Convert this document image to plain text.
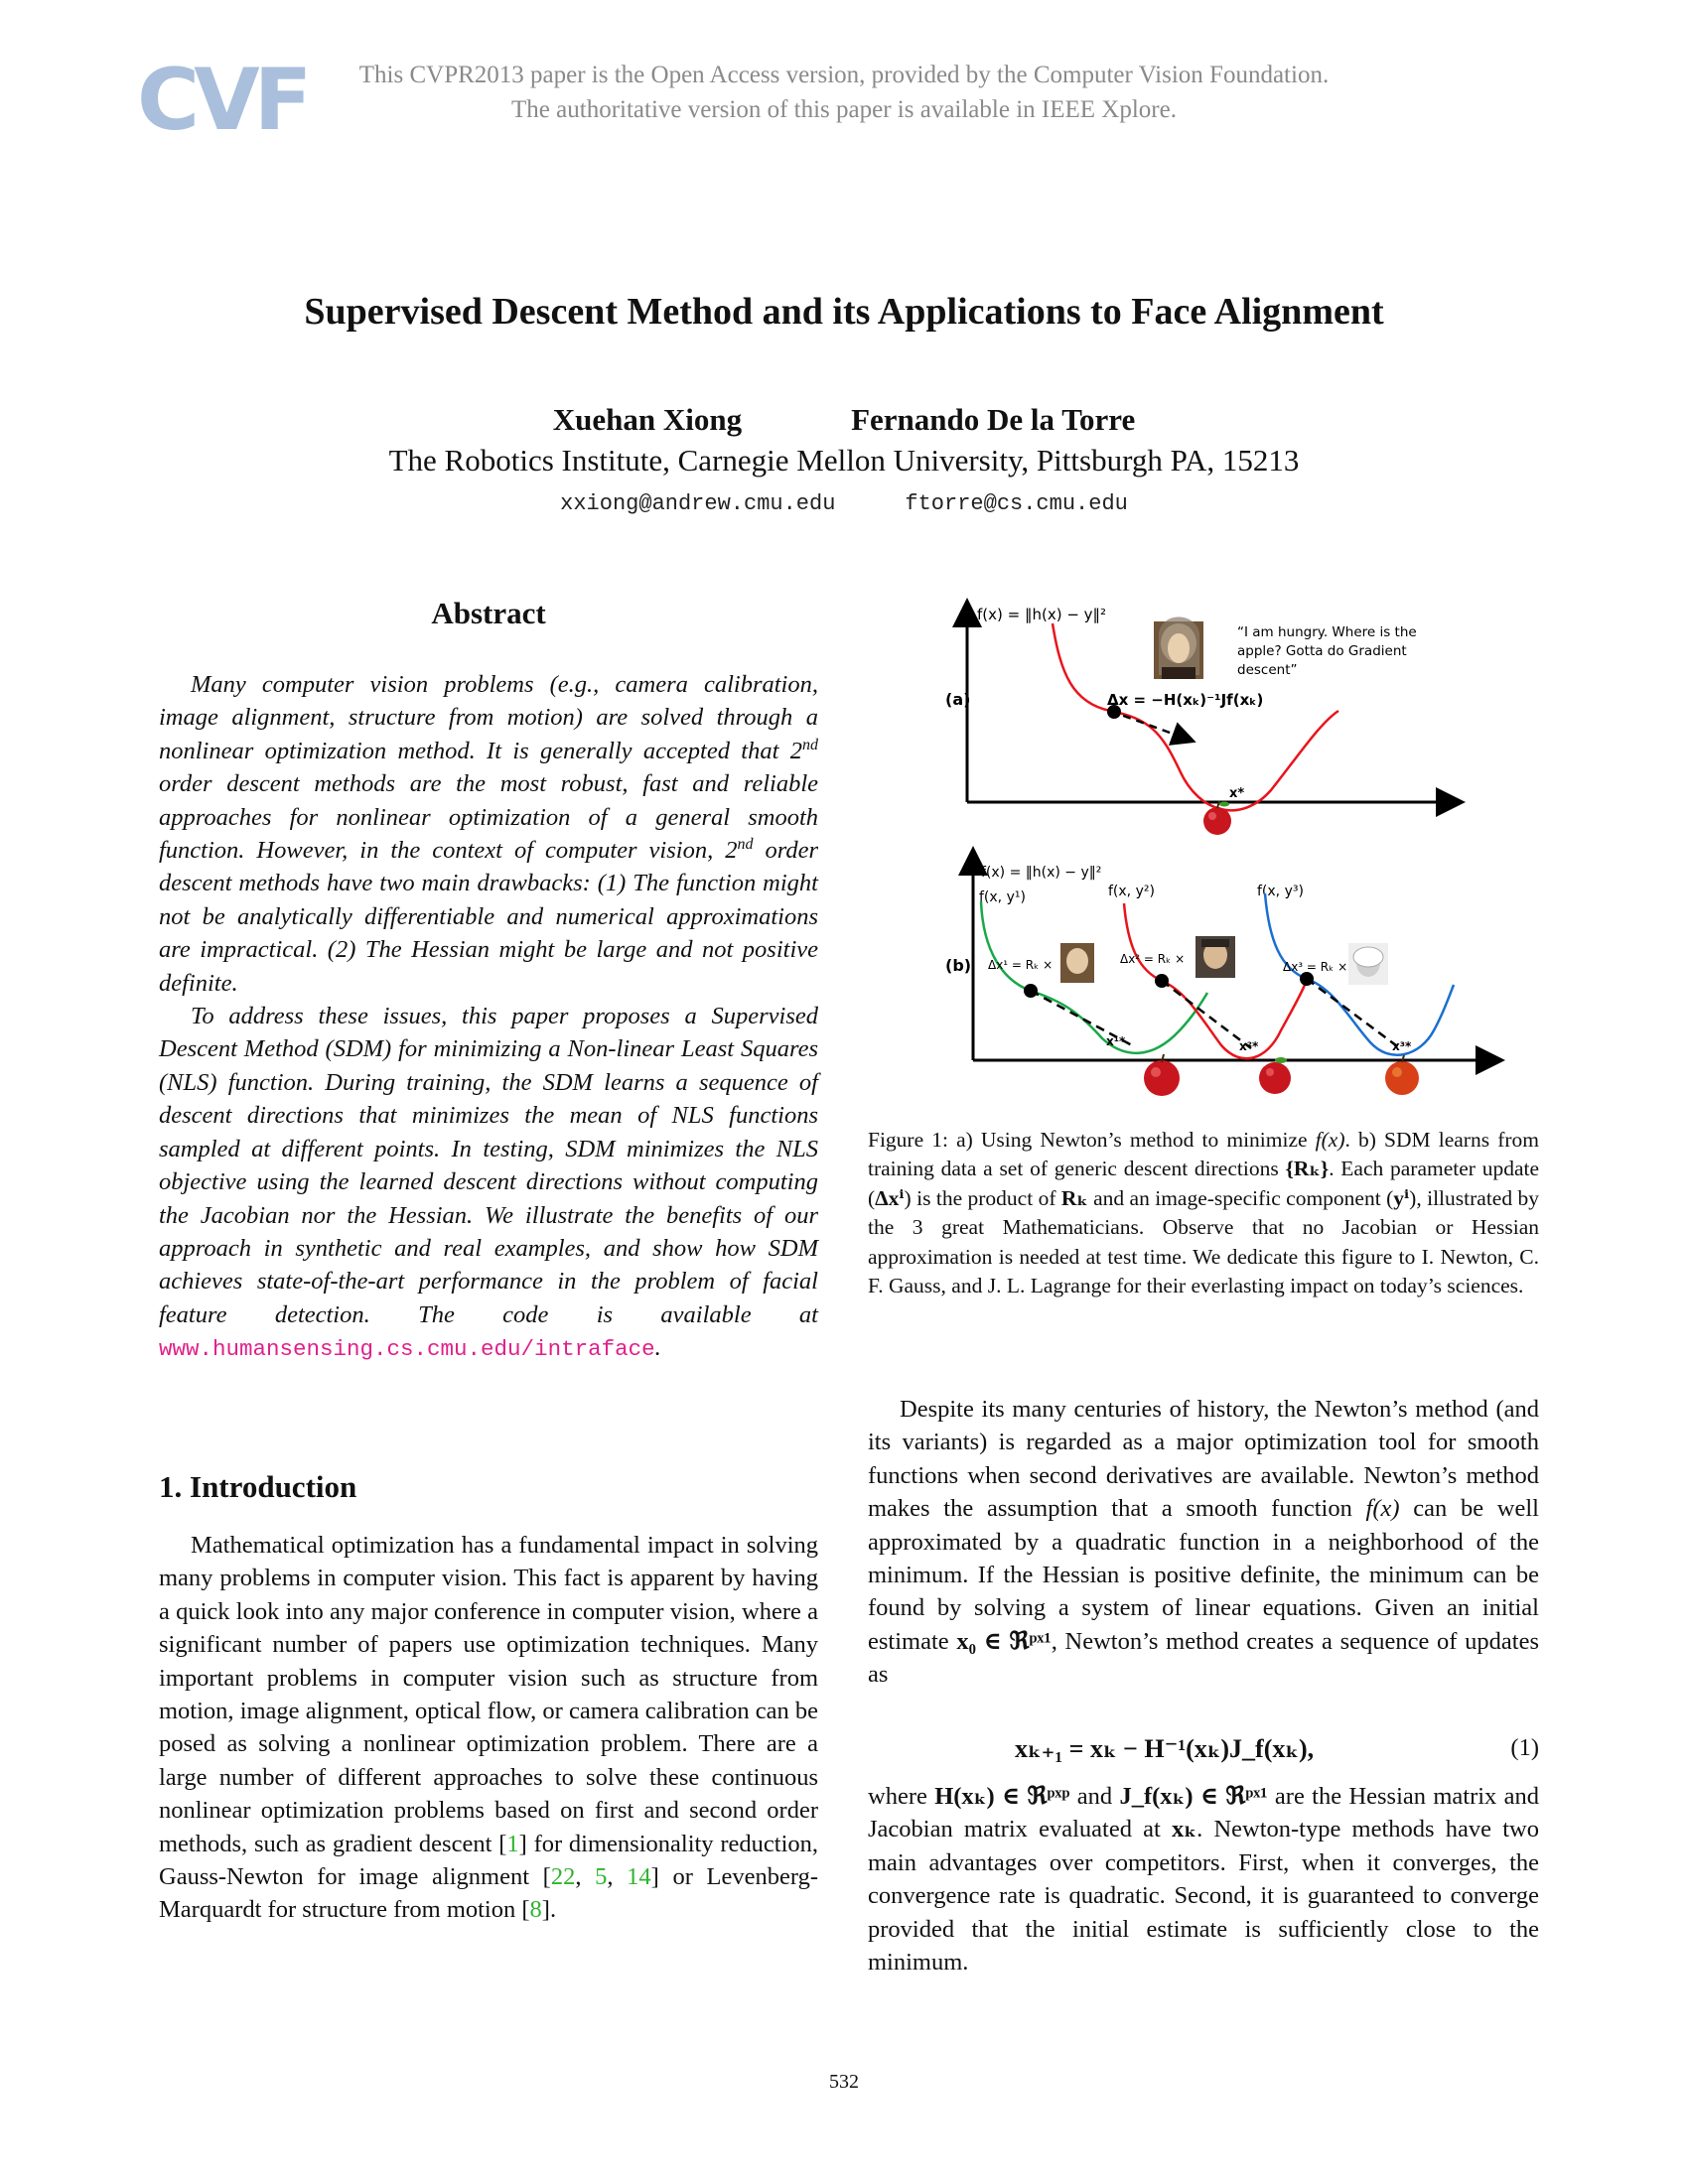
CVF	This CVPR2013 paper is the Open Access version, provided by the Computer Vision Foundation.
The authoritative version of this paper is available in IEEE Xplore.
Supervised Descent Method and its Applications to Face Alignment
Xuehan Xiong	Fernando De la Torre
The Robotics Institute, Carnegie Mellon University, Pittsburgh PA, 15213
xxiong@andrew.cmu.edu	ftorre@cs.cmu.edu
Abstract

Many computer vision problems (e.g., camera calibration, image alignment, structure from motion) are solved through a nonlinear optimization method. It is generally accepted that 2nd order descent methods are the most robust, fast and reliable approaches for nonlinear optimization of a general smooth function. However, in the context of computer vision, 2nd order descent methods have two main drawbacks: (1) The function might not be analytically differentiable and numerical approximations are impractical. (2) The Hessian might be large and not positive definite.

To address these issues, this paper proposes a Supervised Descent Method (SDM) for minimizing a Non-linear Least Squares (NLS) function. During training, the SDM learns a sequence of descent directions that minimizes the mean of NLS functions sampled at different points. In testing, SDM minimizes the NLS objective using the learned descent directions without computing the Jacobian nor the Hessian. We illustrate the benefits of our approach in synthetic and real examples, and show how SDM achieves state-of-the-art performance in the problem of facial feature detection. The code is available at www.humansensing.cs.cmu.edu/intraface.

1. Introduction

Mathematical optimization has a fundamental impact in solving many problems in computer vision. This fact is apparent by having a quick look into any major conference in computer vision, where a significant number of papers use optimization techniques. Many important problems in computer vision such as structure from motion, image alignment, optical flow, or camera calibration can be posed as solving a nonlinear optimization problem. There are a large number of different approaches to solve these continuous nonlinear optimization problems based on first and second order methods, such as gradient descent [1] for dimensionality reduction, Gauss-Newton for image alignment [22, 5, 14] or Levenberg-Marquardt for structure from motion [8].

(a)
f(x) = ‖h(x) − y‖²
Δx = −H(xₖ)⁻¹Jf(xₖ)
x*
“I am hungry. Where is the
apple? Gotta do Gradient
descent”
(b)
f(x) = ‖h(x) − y‖²
f(x, y¹)	f(x, y²)	f(x, y³)
Δx¹ = Rₖ ×	Δx² = Rₖ ×
Δx³ = Rₖ ×
x¹*	x²*	x³*
Figure 1: a) Using Newton’s method to minimize f(x). b) SDM learns from training data a set of generic descent directions {Rₖ}. Each parameter update (Δxⁱ) is the product of Rₖ and an image-specific component (yⁱ), illustrated by the 3 great Mathematicians. Observe that no Jacobian or Hessian approximation is needed at test time. We dedicate this figure to I. Newton, C. F. Gauss, and J. L. Lagrange for their everlasting impact on today’s sciences.

Despite its many centuries of history, the Newton’s method (and its variants) is regarded as a major optimization tool for smooth functions when second derivatives are available. Newton’s method makes the assumption that a smooth function f(x) can be well approximated by a quadratic function in a neighborhood of the minimum. If the Hessian is positive definite, the minimum can be found by solving a system of linear equations. Given an initial estimate x₀ ∈ ℜᵖˣ¹, Newton’s method creates a sequence of updates as

xₖ₊₁ = xₖ − H⁻¹(xₖ)J_f(xₖ),	(1)

where H(xₖ) ∈ ℜᵖˣᵖ and J_f(xₖ) ∈ ℜᵖˣ¹ are the Hessian matrix and Jacobian matrix evaluated at xₖ. Newton-type methods have two main advantages over competitors. First, when it converges, the convergence rate is quadratic. Second, it is guaranteed to converge provided that the initial estimate is sufficiently close to the minimum.

532
